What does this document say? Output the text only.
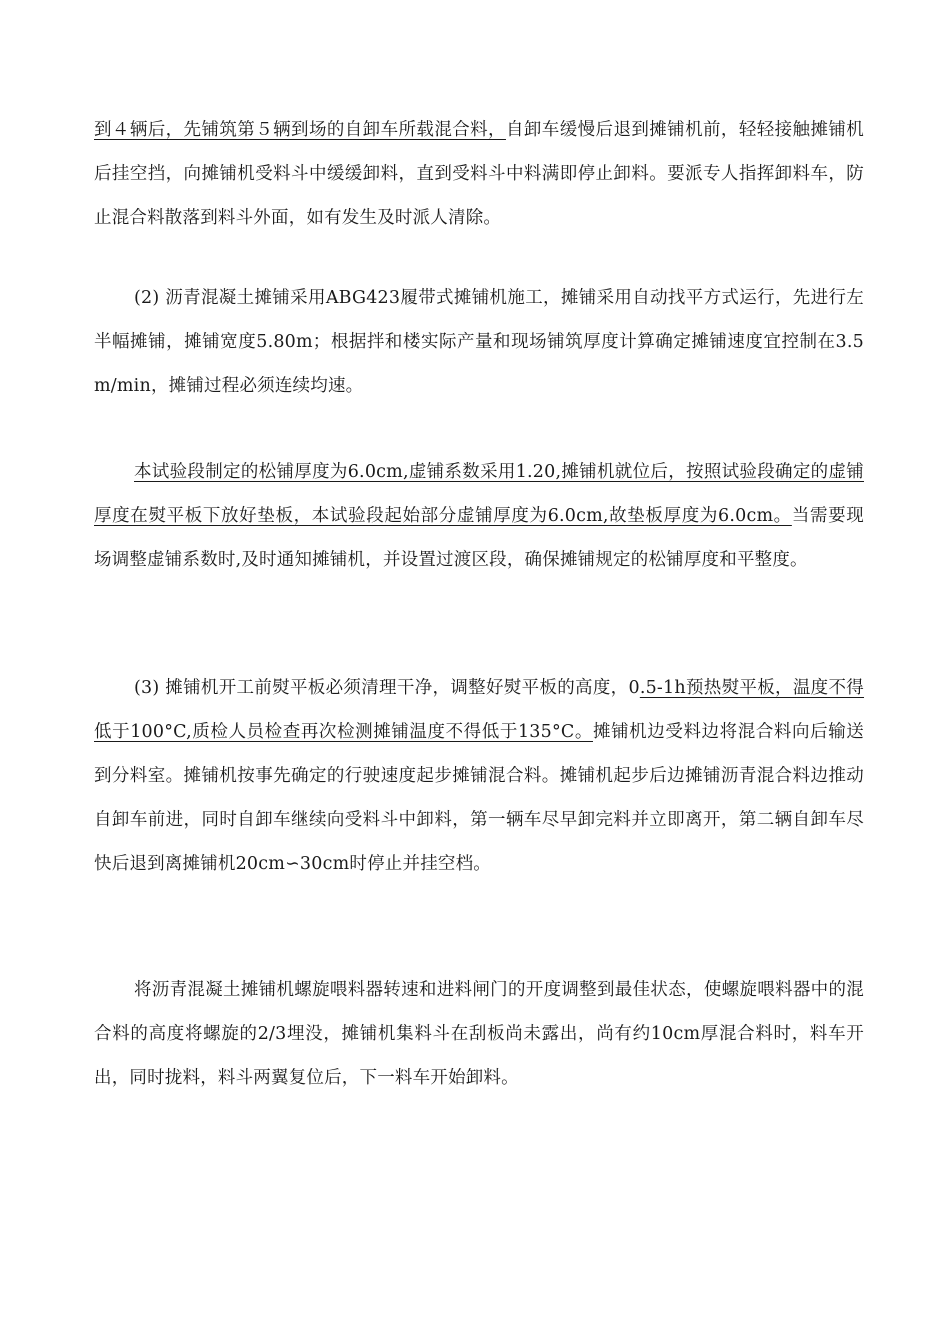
到４辆后，先铺筑第５辆到场的自卸车所载混合料，自卸车缓慢后退到摊铺机前，轻轻接触摊铺机后挂空挡，向摊铺机受料斗中缓缓卸料，直到受料斗中料满即停止卸料。要派专人指挥卸料车，防止混合料散落到料斗外面，如有发生及时派人清除。

(2) 沥青混凝土摊铺采用ABG423履带式摊铺机施工，摊铺采用自动找平方式运行，先进行左半幅摊铺，摊铺宽度5.80m；根据拌和楼实际产量和现场铺筑厚度计算确定摊铺速度宜控制在3.5m/min，摊铺过程必须连续均速。

本试验段制定的松铺厚度为6.0cm,虚铺系数采用1.20,摊铺机就位后，按照试验段确定的虚铺厚度在熨平板下放好垫板，本试验段起始部分虚铺厚度为6.0cm,故垫板厚度为6.0cm。当需要现场调整虚铺系数时,及时通知摊铺机，并设置过渡区段，确保摊铺规定的松铺厚度和平整度。

(3) 摊铺机开工前熨平板必须清理干净，调整好熨平板的高度，0.5-1h预热熨平板，温度不得低于100°C,质检人员检查再次检测摊铺温度不得低于135°C。摊铺机边受料边将混合料向后输送到分料室。摊铺机按事先确定的行驶速度起步摊铺混合料。摊铺机起步后边摊铺沥青混合料边推动自卸车前进，同时自卸车继续向受料斗中卸料，第一辆车尽早卸完料并立即离开，第二辆自卸车尽快后退到离摊铺机20cm∽30cm时停止并挂空档。

将沥青混凝土摊铺机螺旋喂料器转速和进料闸门的开度调整到最佳状态，使螺旋喂料器中的混合料的高度将螺旋的2/3埋没，摊铺机集料斗在刮板尚未露出，尚有约10cm厚混合料时，料车开出，同时拢料，料斗两翼复位后，下一料车开始卸料。
